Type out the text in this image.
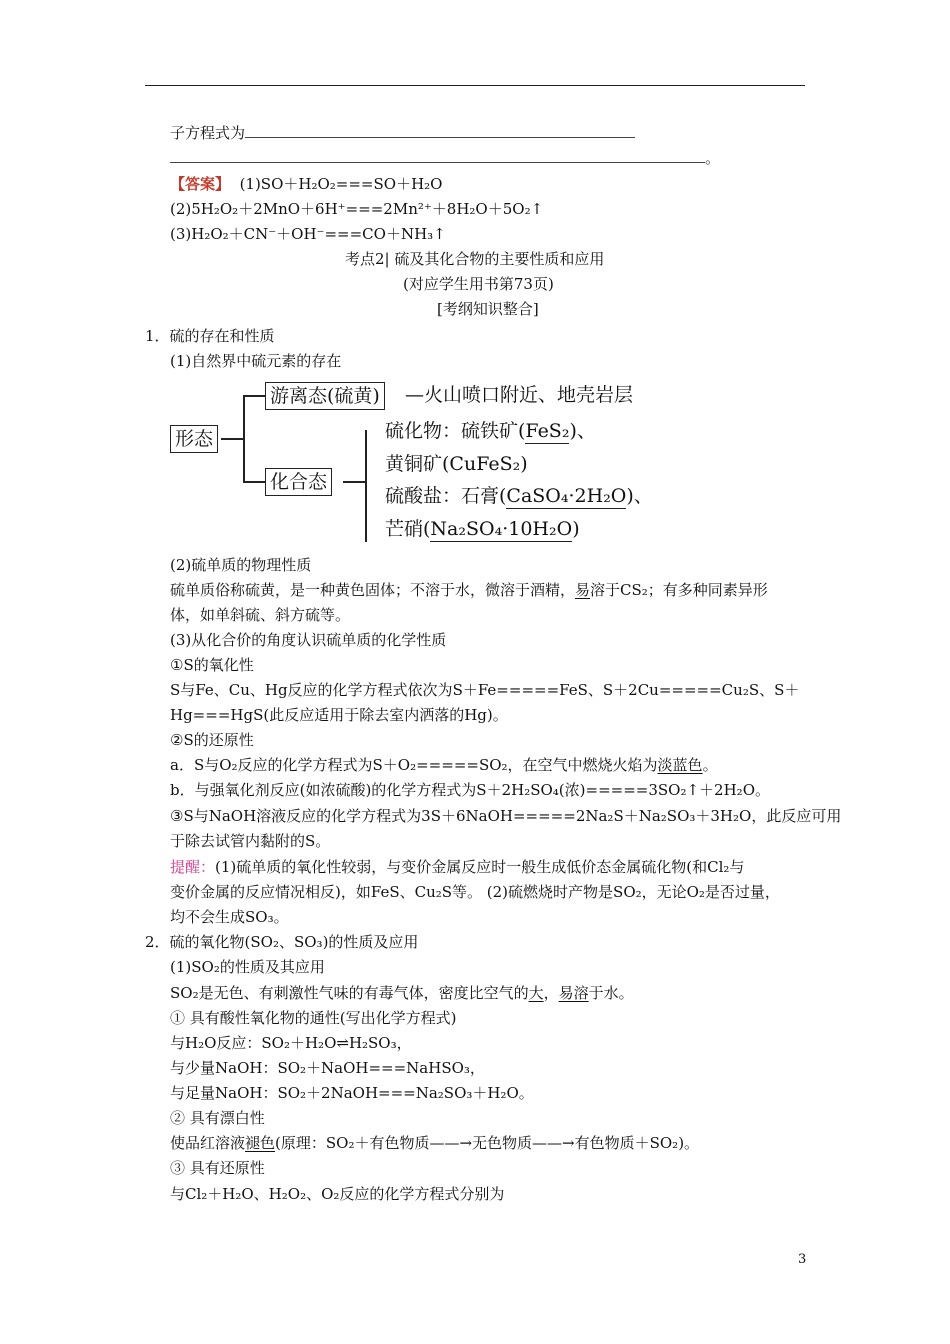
子方程式为
。
【答案】 (1)SO＋H₂O₂===SO＋H₂O
(2)5H₂O₂＋2MnO＋6H⁺===2Mn²⁺＋8H₂O＋5O₂↑
(3)H₂O₂＋CN⁻＋OH⁻===CO＋NH₃↑
考点2| 硫及其化合物的主要性质和应用
(对应学生用书第73页)
[考纲知识整合]
1．硫的存在和性质
(1)自然界中硫元素的存在
形态
游离态(硫黄) —火山喷口附近、地壳岩层
化合态
硫化物：硫铁矿(FeS₂)、
黄铜矿(CuFeS₂)
硫酸盐：石膏(CaSO₄·2H₂O)、
芒硝(Na₂SO₄·10H₂O)
(2)硫单质的物理性质
硫单质俗称硫黄，是一种黄色固体；不溶于水，微溶于酒精，易溶于CS₂；有多种同素异形
体，如单斜硫、斜方硫等。
(3)从化合价的角度认识硫单质的化学性质
①S的氧化性
S与Fe、Cu、Hg反应的化学方程式依次为S＋Fe=====FeS、S＋2Cu=====Cu₂S、S＋
Hg===HgS(此反应适用于除去室内洒落的Hg)。
②S的还原性
a．S与O₂反应的化学方程式为S＋O₂=====SO₂，在空气中燃烧火焰为淡蓝色。
b．与强氧化剂反应(如浓硫酸)的化学方程式为S＋2H₂SO₄(浓)=====3SO₂↑＋2H₂O。
③S与NaOH溶液反应的化学方程式为3S＋6NaOH=====2Na₂S＋Na₂SO₃＋3H₂O，此反应可用
于除去试管内黏附的S。
提醒：(1)硫单质的氧化性较弱，与变价金属反应时一般生成低价态金属硫化物(和Cl₂与
变价金属的反应情况相反)，如FeS、Cu₂S等。 (2)硫燃烧时产物是SO₂，无论O₂是否过量，
均不会生成SO₃。
2．硫的氧化物(SO₂、SO₃)的性质及应用
(1)SO₂的性质及其应用
SO₂是无色、有刺激性气味的有毒气体，密度比空气的大，易溶于水。
① 具有酸性氧化物的通性(写出化学方程式)
与H₂O反应：SO₂＋H₂O⇌H₂SO₃，
与少量NaOH：SO₂＋NaOH===NaHSO₃，
与足量NaOH：SO₂＋2NaOH===Na₂SO₃＋H₂O。
② 具有漂白性
使品红溶液褪色(原理：SO₂＋有色物质——→无色物质——→有色物质＋SO₂)。
③ 具有还原性
与Cl₂＋H₂O、H₂O₂、O₂反应的化学方程式分别为
3
